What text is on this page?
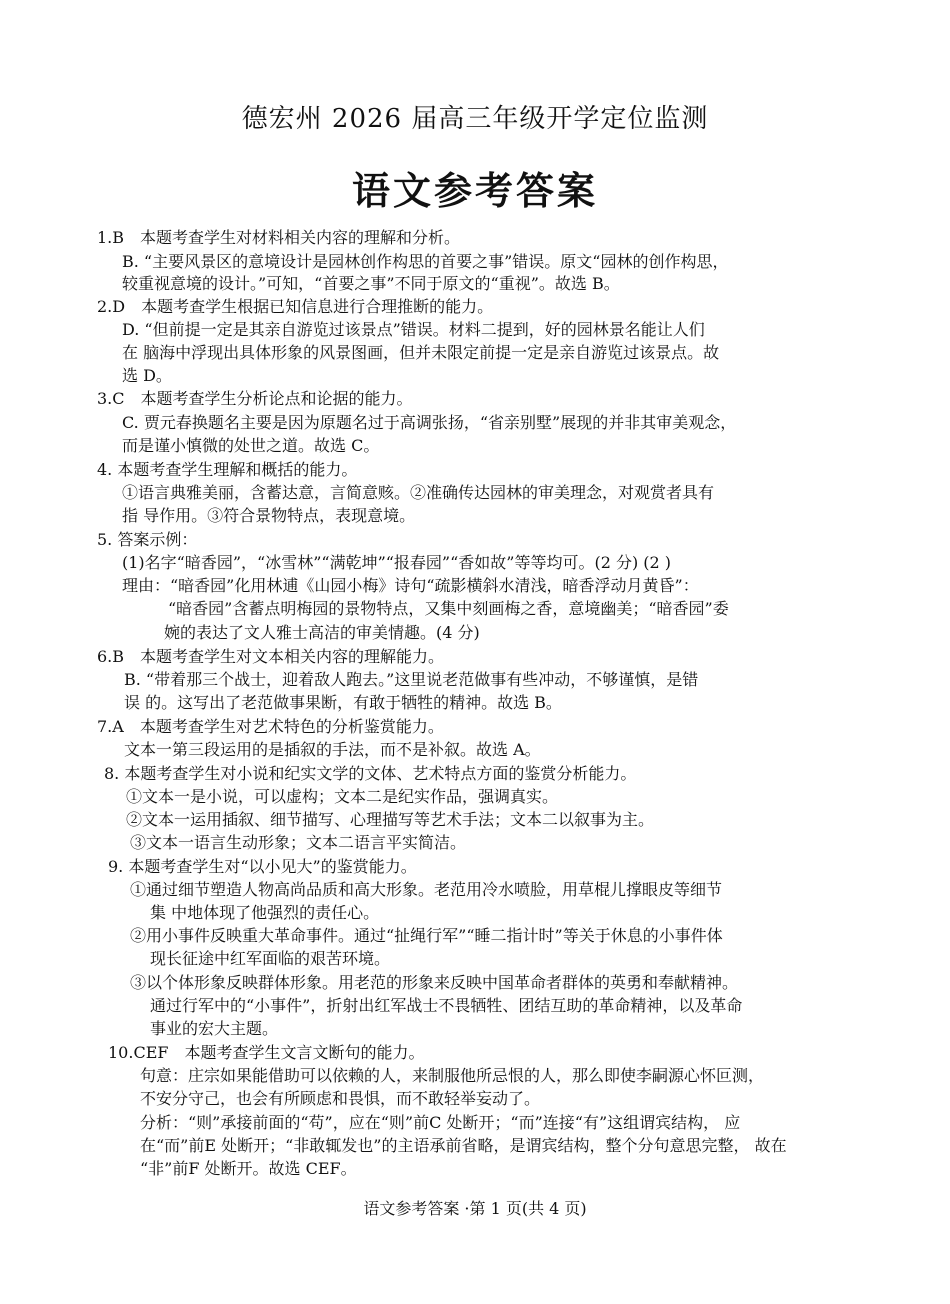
德宏州 2026 届高三年级开学定位监测
语文参考答案
1.B　本题考查学生对材料相关内容的理解和分析。
B. “主要风景区的意境设计是园林创作构思的首要之事”错误。原文“园林的创作构思，
较重视意境的设计。”可知，“首要之事”不同于原文的“重视”。故选 B。
2.D　本题考查学生根据已知信息进行合理推断的能力。
D. “但前提一定是其亲自游览过该景点”错误。材料二提到，好的园林景名能让人们
在 脑海中浮现出具体形象的风景图画，但并未限定前提一定是亲自游览过该景点。故
选 D。
3.C　本题考查学生分析论点和论据的能力。
C. 贾元春换题名主要是因为原题名过于高调张扬，“省亲别墅”展现的并非其审美观念，
而是谨小慎微的处世之道。故选 C。
4. 本题考查学生理解和概括的能力。
①语言典雅美丽，含蓄达意，言简意赅。②准确传达园林的审美理念，对观赏者具有
指 导作用。③符合景物特点，表现意境。
5. 答案示例：
(1)名字“暗香园”，“冰雪林”“满乾坤”“报春园”“香如故”等等均可。(2 分) (2 )
理由：“暗香园”化用林逋《山园小梅》诗句“疏影横斜水清浅，暗香浮动月黄昏”：
“暗香园”含蓄点明梅园的景物特点，又集中刻画梅之香，意境幽美；“暗香园”委
婉的表达了文人雅士高洁的审美情趣。(4 分)
6.B　本题考查学生对文本相关内容的理解能力。
B. “带着那三个战士，迎着敌人跑去。”这里说老范做事有些冲动，不够谨慎，是错
误 的。这写出了老范做事果断，有敢于牺牲的精神。故选 B。
7.A　本题考查学生对艺术特色的分析鉴赏能力。
文本一第三段运用的是插叙的手法，而不是补叙。故选 A。
8. 本题考查学生对小说和纪实文学的文体、艺术特点方面的鉴赏分析能力。
①文本一是小说，可以虚构；文本二是纪实作品，强调真实。
②文本一运用插叙、细节描写、心理描写等艺术手法；文本二以叙事为主。
③文本一语言生动形象；文本二语言平实简洁。
9. 本题考查学生对“以小见大”的鉴赏能力。
①通过细节塑造人物高尚品质和高大形象。老范用冷水喷脸，用草棍儿撑眼皮等细节
集 中地体现了他强烈的责任心。
②用小事件反映重大革命事件。通过“扯绳行军”“睡二指计时”等关于休息的小事件体
现长征途中红军面临的艰苦环境。
③以个体形象反映群体形象。用老范的形象来反映中国革命者群体的英勇和奉献精神。
通过行军中的“小事件”，折射出红军战士不畏牺牲、团结互助的革命精神，以及革命
事业的宏大主题。
10.CEF　本题考查学生文言文断句的能力。
句意：庄宗如果能借助可以依赖的人，来制服他所忌恨的人，那么即使李嗣源心怀叵测，
不安分守己，也会有所顾虑和畏惧，而不敢轻举妄动了。
分析：“则”承接前面的“苟”，应在“则”前C 处断开；“而”连接“有”这组谓宾结构， 应
在“而”前E 处断开；“非敢辄发也”的主语承前省略，是谓宾结构，整个分句意思完整， 故在
“非”前F 处断开。故选 CEF。
语文参考答案 ·第 1 页(共 4 页)
